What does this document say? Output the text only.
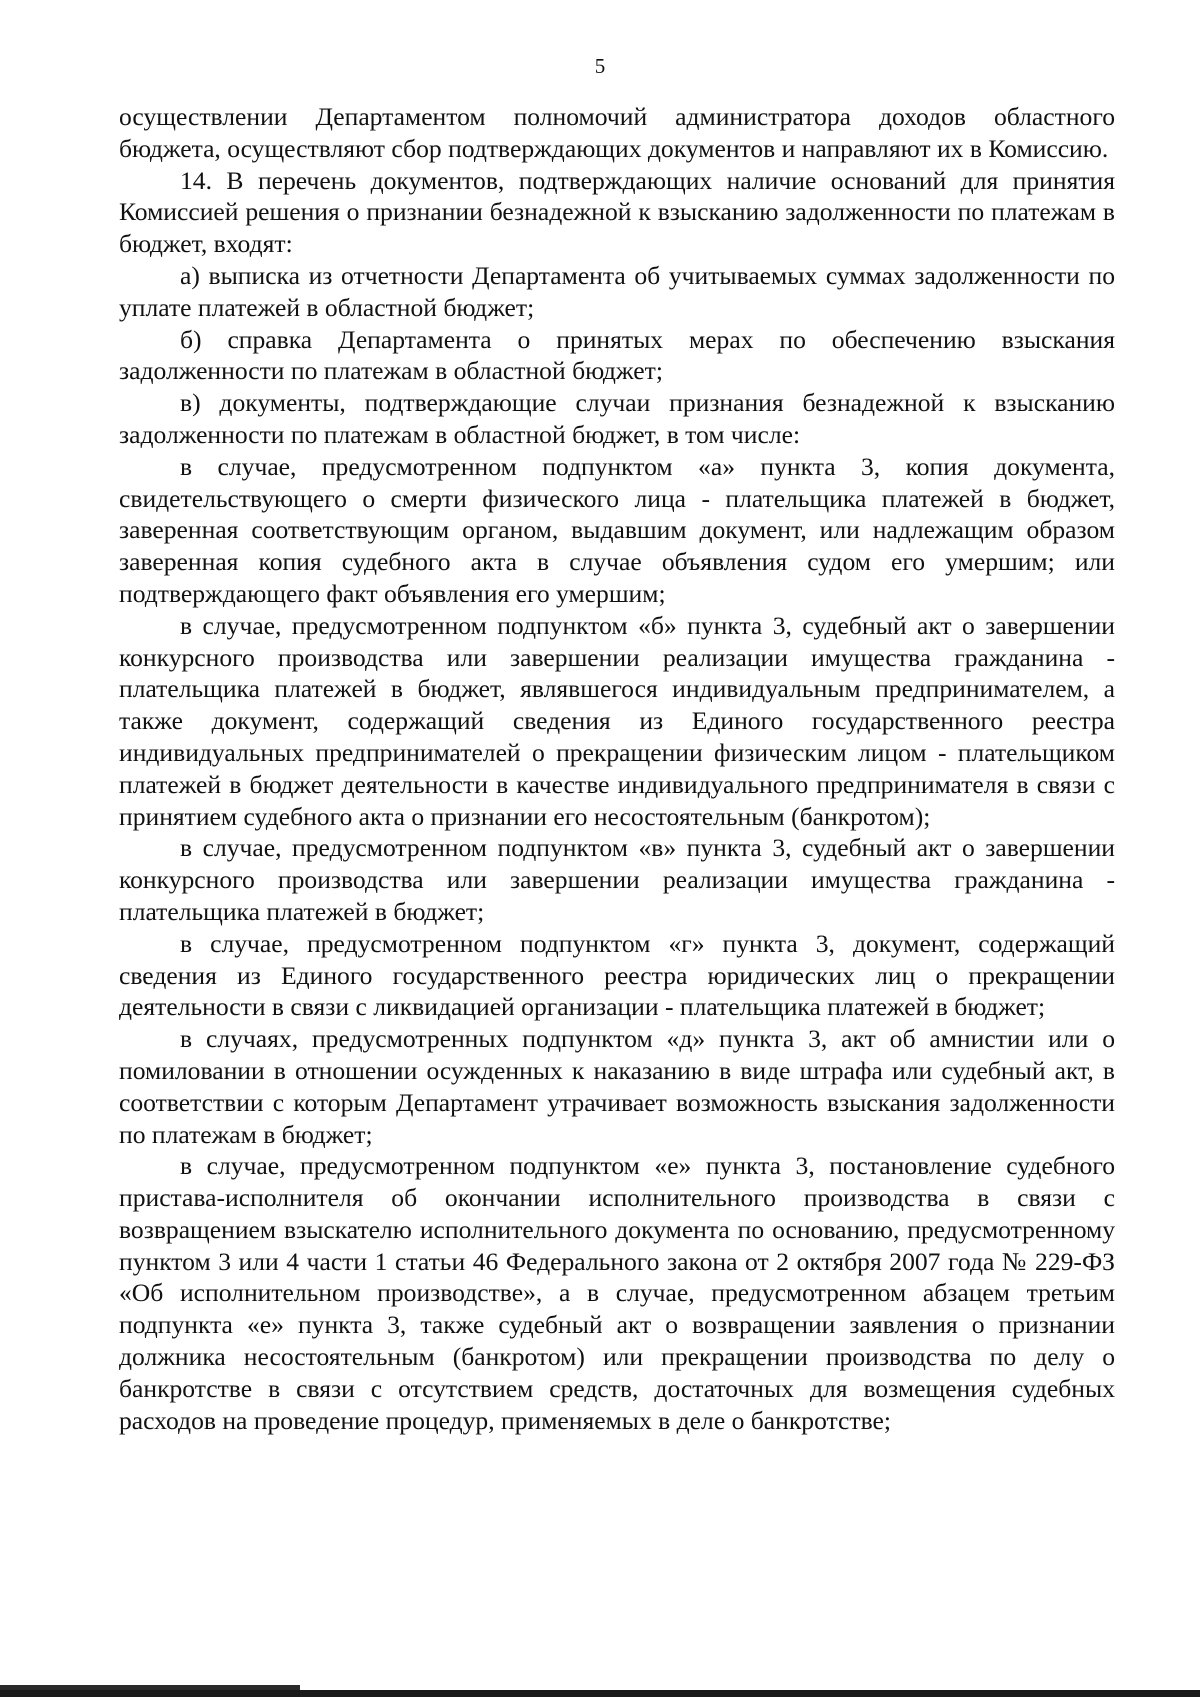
5

осуществлении Департаментом полномочий администратора доходов областного бюджета, осуществляют сбор подтверждающих документов и направляют их в Комиссию.

14. В перечень документов, подтверждающих наличие оснований для принятия Комиссией решения о признании безнадежной к взысканию задолженности по платежам в бюджет, входят:

а) выписка из отчетности Департамента об учитываемых суммах задолженности по уплате платежей в областной бюджет;

б) справка Департамента о принятых мерах по обеспечению взыскания задолженности по платежам в областной бюджет;

в) документы, подтверждающие случаи признания безнадежной к взысканию задолженности по платежам в областной бюджет, в том числе:

в случае, предусмотренном подпунктом «а» пункта 3, копия документа, свидетельствующего о смерти физического лица - плательщика платежей в бюджет, заверенная соответствующим органом, выдавшим документ, или надлежащим образом заверенная копия судебного акта в случае объявления судом его умершим; или подтверждающего факт объявления его умершим;

в случае, предусмотренном подпунктом «б» пункта 3, судебный акт о завершении конкурсного производства или завершении реализации имущества гражданина - плательщика платежей в бюджет, являвшегося индивидуальным предпринимателем, а также документ, содержащий сведения из Единого государственного реестра индивидуальных предпринимателей о прекращении физическим лицом - плательщиком платежей в бюджет деятельности в качестве индивидуального предпринимателя в связи с принятием судебного акта о признании его несостоятельным (банкротом);

в случае, предусмотренном подпунктом «в» пункта 3, судебный акт о завершении конкурсного производства или завершении реализации имущества гражданина - плательщика платежей в бюджет;

в случае, предусмотренном подпунктом «г» пункта 3, документ, содержащий сведения из Единого государственного реестра юридических лиц о прекращении деятельности в связи с ликвидацией организации - плательщика платежей в бюджет;

в случаях, предусмотренных подпунктом «д» пункта 3, акт об амнистии или о помиловании в отношении осужденных к наказанию в виде штрафа или судебный акт, в соответствии с которым Департамент утрачивает возможность взыскания задолженности по платежам в бюджет;

в случае, предусмотренном подпунктом «е» пункта 3, постановление судебного пристава-исполнителя об окончании исполнительного производства в связи с возвращением взыскателю исполнительного документа по основанию, предусмотренному пунктом 3 или 4 части 1 статьи 46 Федерального закона от 2 октября 2007 года № 229-ФЗ «Об исполнительном производстве», а в случае, предусмотренном абзацем третьим подпункта «е» пункта 3, также судебный акт о возвращении заявления о признании должника несостоятельным (банкротом) или прекращении производства по делу о банкротстве в связи с отсутствием средств, достаточных для возмещения судебных расходов на проведение процедур, применяемых в деле о банкротстве;
